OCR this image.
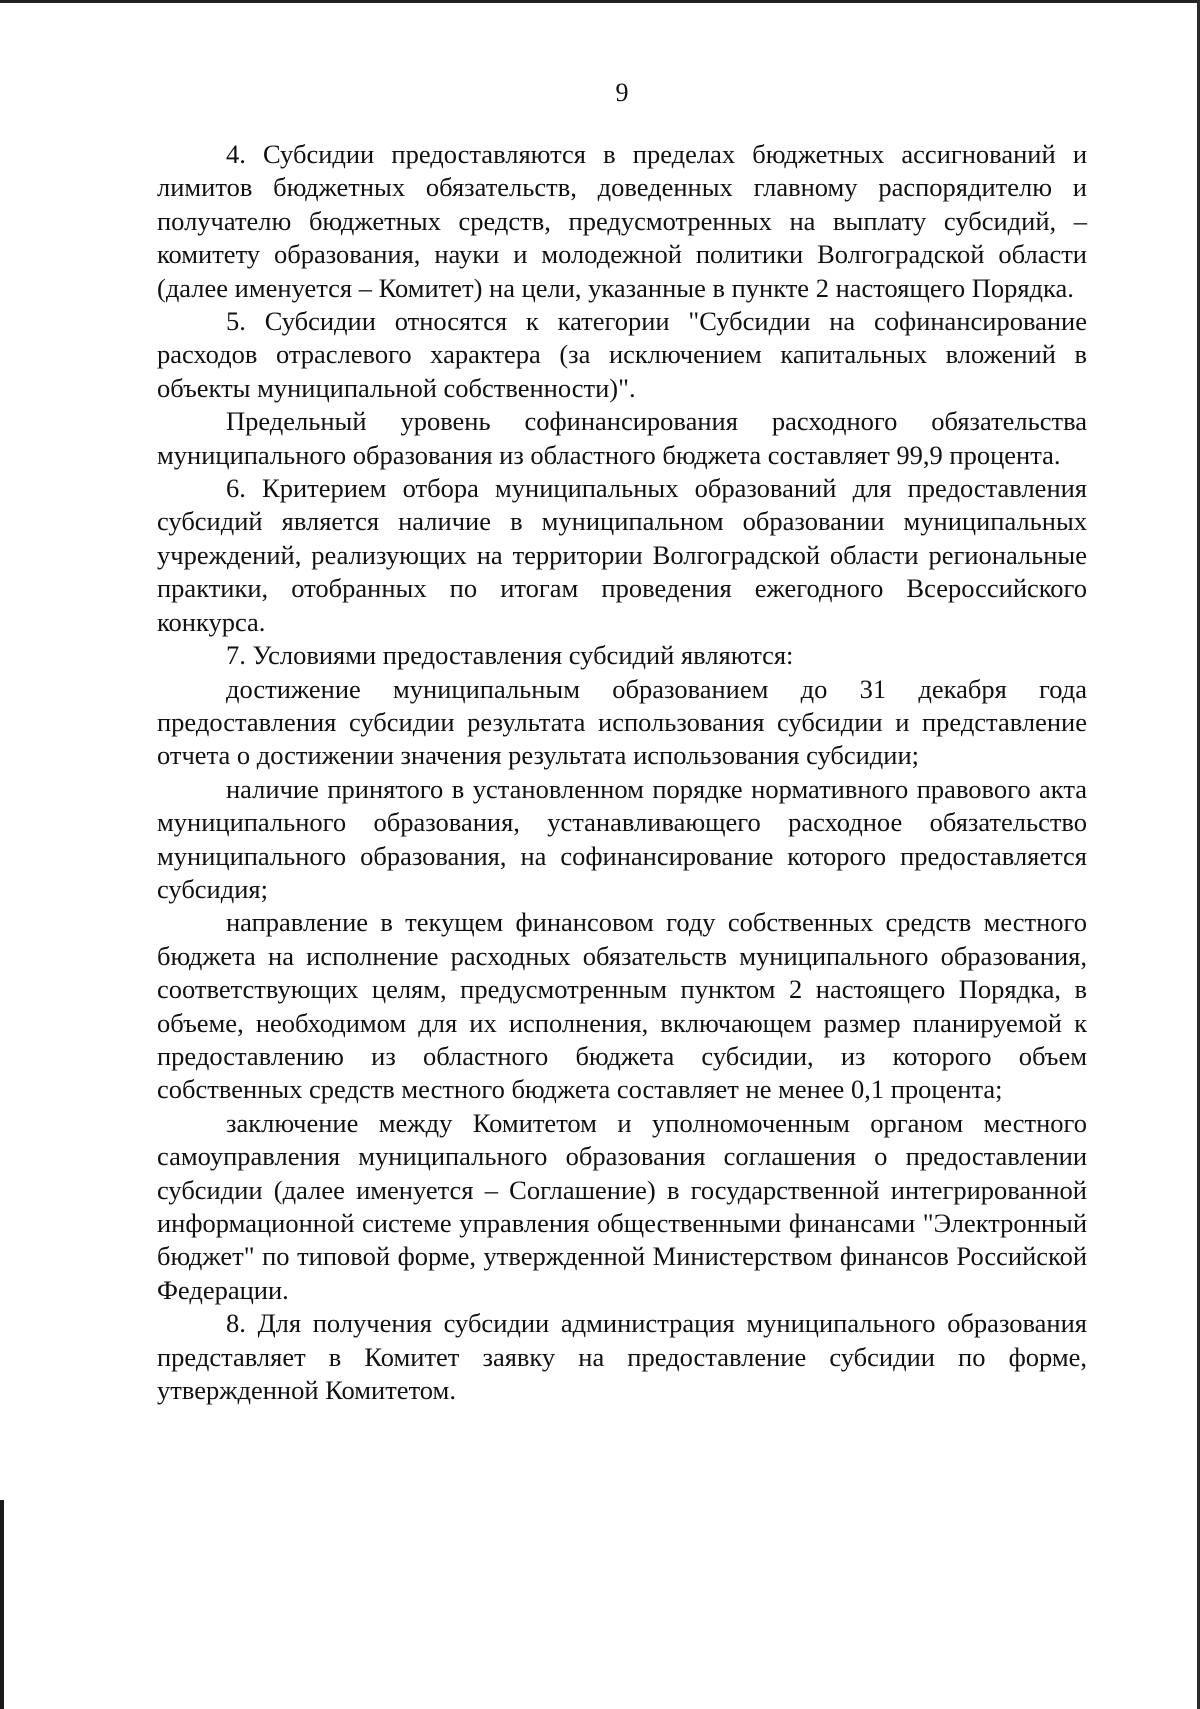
9

4. Субсидии предоставляются в пределах бюджетных ассигнований и лимитов бюджетных обязательств, доведенных главному распорядителю и получателю бюджетных средств, предусмотренных на выплату субсидий, – комитету образования, науки и молодежной политики Волгоградской области (далее именуется – Комитет) на цели, указанные в пункте 2 настоящего Порядка.

5. Субсидии относятся к категории "Субсидии на софинансирование расходов отраслевого характера (за исключением капитальных вложений в объекты муниципальной собственности)".

Предельный уровень софинансирования расходного обязательства муниципального образования из областного бюджета составляет 99,9 процента.

6. Критерием отбора муниципальных образований для предоставления субсидий является наличие в муниципальном образовании муниципальных учреждений, реализующих на территории Волгоградской области региональные практики, отобранных по итогам проведения ежегодного Всероссийского конкурса.

7. Условиями предоставления субсидий являются:

достижение муниципальным образованием до 31 декабря года предоставления субсидии результата использования субсидии и представление отчета о достижении значения результата использования субсидии;

наличие принятого в установленном порядке нормативного правового акта муниципального образования, устанавливающего расходное обязательство муниципального образования, на софинансирование которого предоставляется субсидия;

направление в текущем финансовом году собственных средств местного бюджета на исполнение расходных обязательств муниципального образования, соответствующих целям, предусмотренным пунктом 2 настоящего Порядка, в объеме, необходимом для их исполнения, включающем размер планируемой к предоставлению из областного бюджета субсидии, из которого объем собственных средств местного бюджета составляет не менее 0,1 процента;

заключение между Комитетом и уполномоченным органом местного самоуправления муниципального образования соглашения о предоставлении субсидии (далее именуется – Соглашение) в государственной интегрированной информационной системе управления общественными финансами "Электронный бюджет" по типовой форме, утвержденной Министерством финансов Российской Федерации.

8. Для получения субсидии администрация муниципального образования представляет в Комитет заявку на предоставление субсидии по форме, утвержденной Комитетом.
